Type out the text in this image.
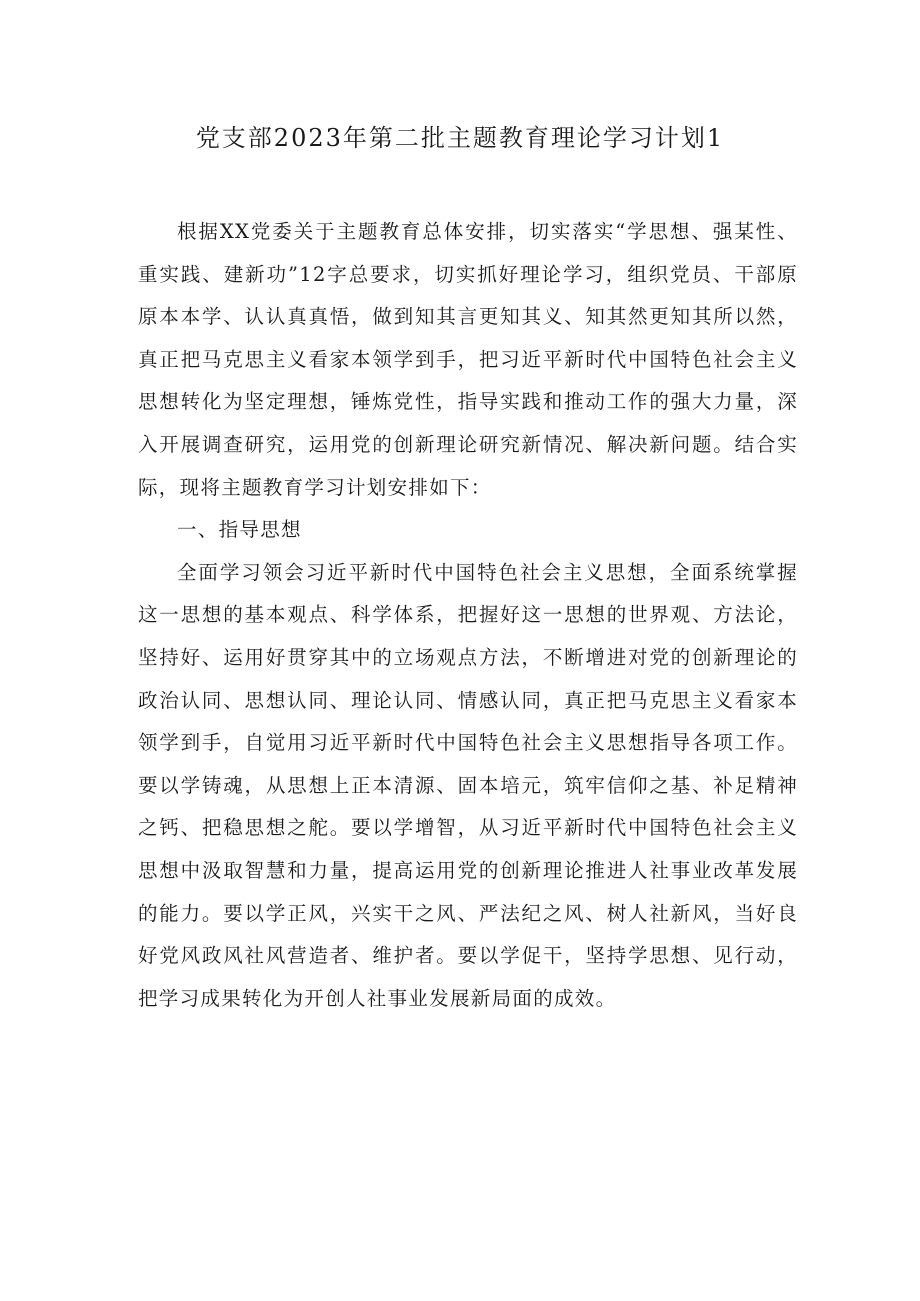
党支部2023年第二批主题教育理论学习计划1

根据XX党委关于主题教育总体安排，切实落实“学思想、强某性、重实践、建新功”12字总要求，切实抓好理论学习，组织党员、干部原原本本学、认认真真悟，做到知其言更知其义、知其然更知其所以然，真正把马克思主义看家本领学到手，把习近平新时代中国特色社会主义思想转化为坚定理想，锤炼党性，指导实践和推动工作的强大力量，深入开展调查研究，运用党的创新理论研究新情况、解决新问题。结合实际，现将主题教育学习计划安排如下：

一、指导思想

全面学习领会习近平新时代中国特色社会主义思想，全面系统掌握这一思想的基本观点、科学体系，把握好这一思想的世界观、方法论，坚持好、运用好贯穿其中的立场观点方法，不断增进对党的创新理论的政治认同、思想认同、理论认同、情感认同，真正把马克思主义看家本领学到手，自觉用习近平新时代中国特色社会主义思想指导各项工作。要以学铸魂，从思想上正本清源、固本培元，筑牢信仰之基、补足精神之钙、把稳思想之舵。要以学增智，从习近平新时代中国特色社会主义思想中汲取智慧和力量，提高运用党的创新理论推进人社事业改革发展的能力。要以学正风，兴实干之风、严法纪之风、树人社新风，当好良好党风政风社风营造者、维护者。要以学促干，坚持学思想、见行动，把学习成果转化为开创人社事业发展新局面的成效。
